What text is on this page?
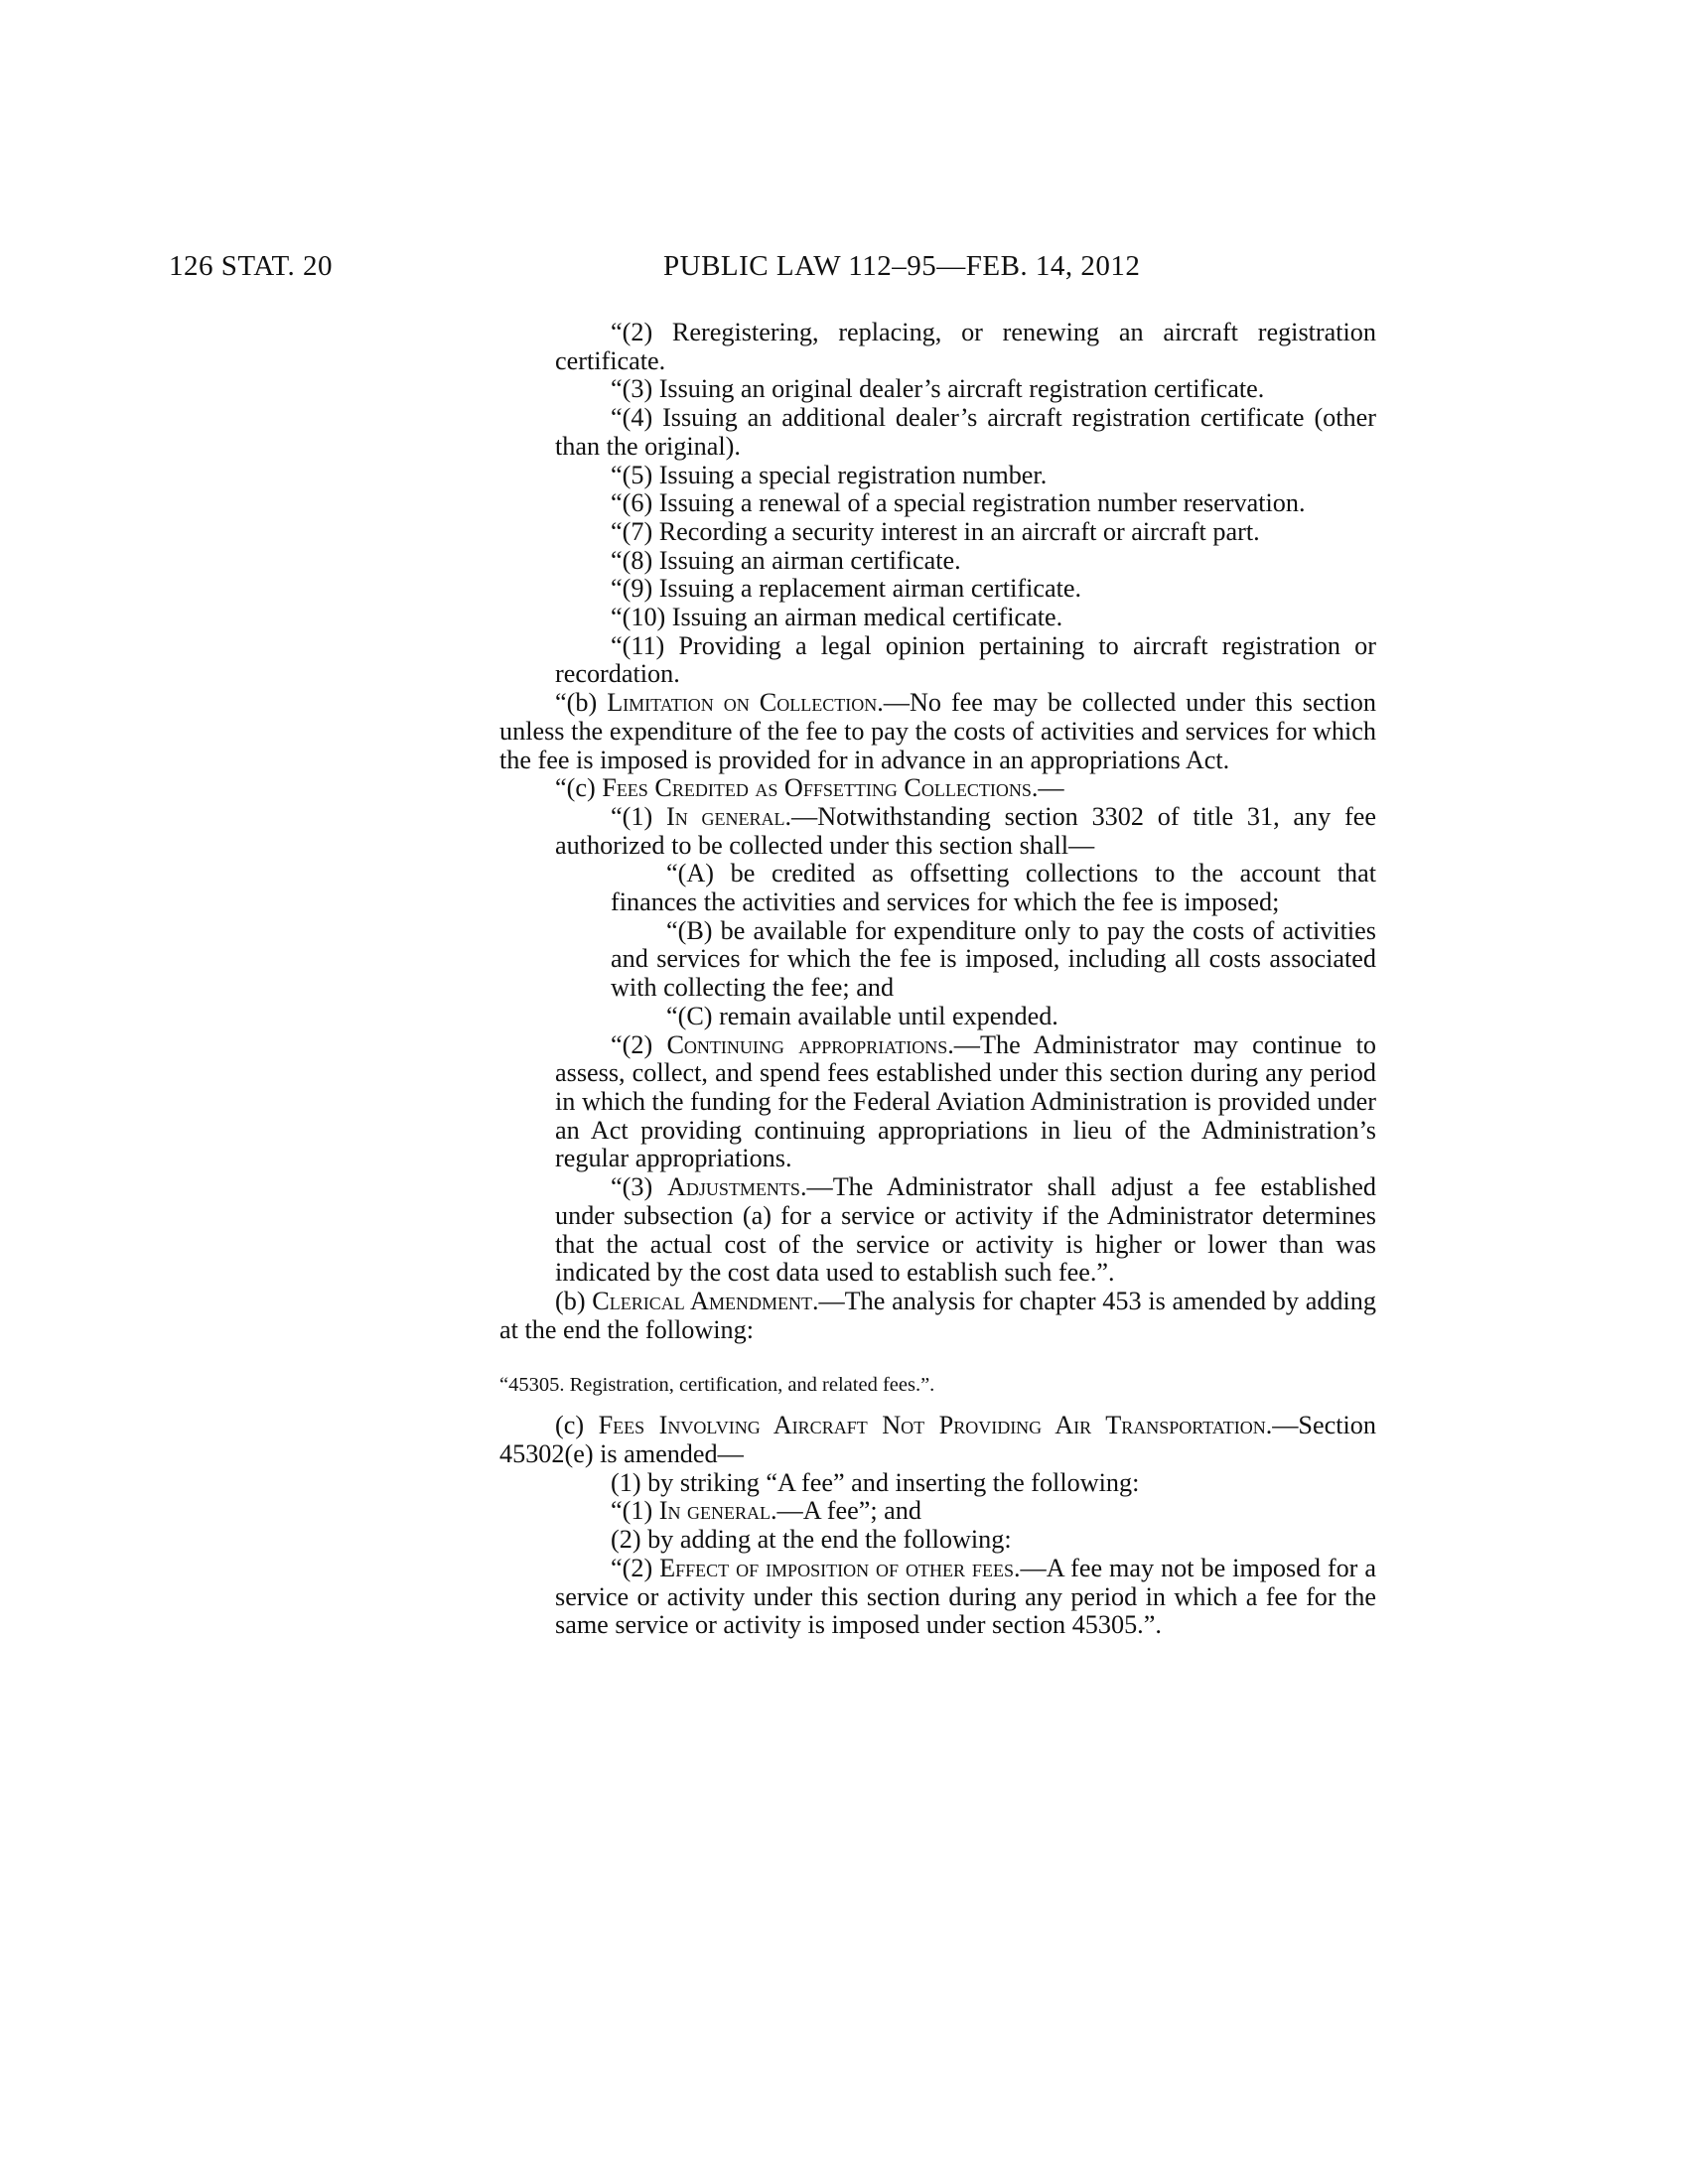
126 STAT. 20	PUBLIC LAW 112–95—FEB. 14, 2012

“(2) Reregistering, replacing, or renewing an aircraft registration certificate.

“(3) Issuing an original dealer’s aircraft registration certificate.

“(4) Issuing an additional dealer’s aircraft registration certificate (other than the original).

“(5) Issuing a special registration number.

“(6) Issuing a renewal of a special registration number reservation.

“(7) Recording a security interest in an aircraft or aircraft part.

“(8) Issuing an airman certificate.

“(9) Issuing a replacement airman certificate.

“(10) Issuing an airman medical certificate.

“(11) Providing a legal opinion pertaining to aircraft registration or recordation.

“(b) Limitation on Collection.—No fee may be collected under this section unless the expenditure of the fee to pay the costs of activities and services for which the fee is imposed is provided for in advance in an appropriations Act.

“(c) Fees Credited as Offsetting Collections.—

“(1) In general.—Notwithstanding section 3302 of title 31, any fee authorized to be collected under this section shall—

“(A) be credited as offsetting collections to the account that finances the activities and services for which the fee is imposed;

“(B) be available for expenditure only to pay the costs of activities and services for which the fee is imposed, including all costs associated with collecting the fee; and

“(C) remain available until expended.

“(2) Continuing appropriations.—The Administrator may continue to assess, collect, and spend fees established under this section during any period in which the funding for the Federal Aviation Administration is provided under an Act providing continuing appropriations in lieu of the Administration’s regular appropriations.

“(3) Adjustments.—The Administrator shall adjust a fee established under subsection (a) for a service or activity if the Administrator determines that the actual cost of the service or activity is higher or lower than was indicated by the cost data used to establish such fee.”.

(b) Clerical Amendment.—The analysis for chapter 453 is amended by adding at the end the following:

“45305. Registration, certification, and related fees.”.

(c) Fees Involving Aircraft Not Providing Air Transportation.—Section 45302(e) is amended—

(1) by striking “A fee” and inserting the following:

“(1) In general.—A fee”; and

(2) by adding at the end the following:

“(2) Effect of imposition of other fees.—A fee may not be imposed for a service or activity under this section during any period in which a fee for the same service or activity is imposed under section 45305.”.
